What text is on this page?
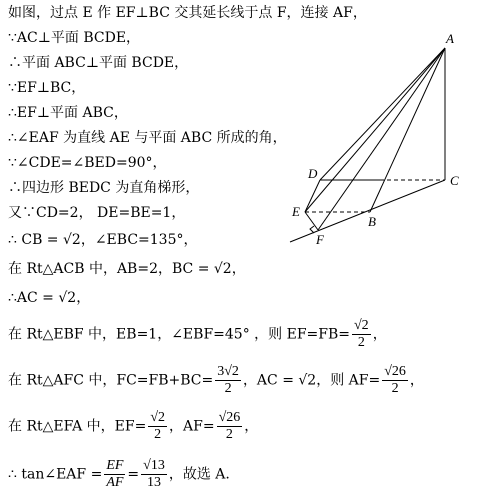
如图，过点 E 作 EF⊥BC 交其延长线于点 F，连接 AF，
∵AC⊥平面 BCDE，
∴平面 ABC⊥平面 BCDE，
∵EF⊥BC，
∴EF⊥平面 ABC，
∴∠EAF 为直线 AE 与平面 ABC 所成的角，
∵∠CDE=∠BED=90°，
∴四边形 BEDC 为直角梯形，
又∵CD=2， DE=BE=1，
∴ CB = √2，∠EBC=135°，
在 Rt△ACB 中，AB=2，BC = √2，
∴AC = √2，
在 Rt△EBF 中，EB=1，∠EBF=45° ，则 $EF=FB= \frac{√2}{2}$ ，
在 Rt△AFC 中，$FC=FB+BC= \frac{3√2}{2}$ ，AC = √2，则 $AF= \frac{√26}{2}$ ，
在 Rt△EFA 中，$EF= \frac{√2}{2}$ ，$AF= \frac{√26}{2}$ ，
∴ tan∠EAF = $\frac{EF}{AF} = \frac{√13}{13}$ ，故选 A.
A
C
D
E
B
F
